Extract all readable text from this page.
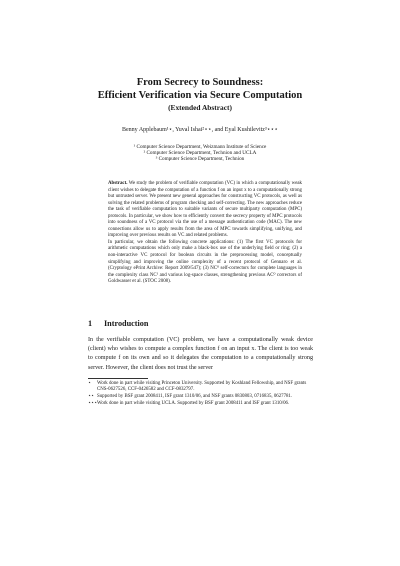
From Secrecy to Soundness:
Efficient Verification via Secure Computation
(Extended Abstract)
Benny Applebaum¹⋆, Yuval Ishai²⋆⋆, and Eyal Kushilevitz³⋆⋆⋆
¹ Computer Science Department, Weizmann Institute of Science
² Computer Science Department, Technion and UCLA
³ Computer Science Department, Technion

Abstract. We study the problem of verifiable computation (VC) in which a computationally weak client wishes to delegate the computation of a function f on an input x to a computationally strong but untrusted server. We present new general approaches for constructing VC protocols, as well as solving the related problems of program checking and self-correcting. The new approaches reduce the task of verifiable computation to suitable variants of secure multiparty computation (MPC) protocols. In particular, we show how to efficiently convert the secrecy property of MPC protocols into soundness of a VC protocol via the use of a message authentication code (MAC). The new connections allow us to apply results from the area of MPC towards simplifying, unifying, and improving over previous results on VC and related problems.

In particular, we obtain the following concrete applications: (1) The first VC protocols for arithmetic computations which only make a black-box use of the underlying field or ring; (2) a non-interactive VC protocol for boolean circuits in the preprocessing model, conceptually simplifying and improving the online complexity of a recent protocol of Gennaro et al. (Cryptology ePrint Archive: Report 2009/547); (3) NC⁰ self-correctors for complete languages in the complexity class NC¹ and various log-space classes, strengthening previous AC⁰ correctors of Goldwasser et al. (STOC 2008).

1 Introduction

In the verifiable computation (VC) problem, we have a computationally weak device (client) who wishes to compute a complex function f on an input x. The client is too weak to compute f on its own and so it delegates the computation to a computationally strong server. However, the client does not trust the server

⋆ Work done in part while visiting Princeton University. Supported by Koshland Fellowship, and NSF grants CNS-0627526, CCF-0426582 and CCF-0832797.
⋆⋆ Supported by BSF grant 2008411, ISF grant 1310/06, and NSF grants 0830803, 0716835, 0627781.
⋆⋆⋆ Work done in part while visiting UCLA. Supported by BSF grant 2008411 and ISF grant 1310/06.
